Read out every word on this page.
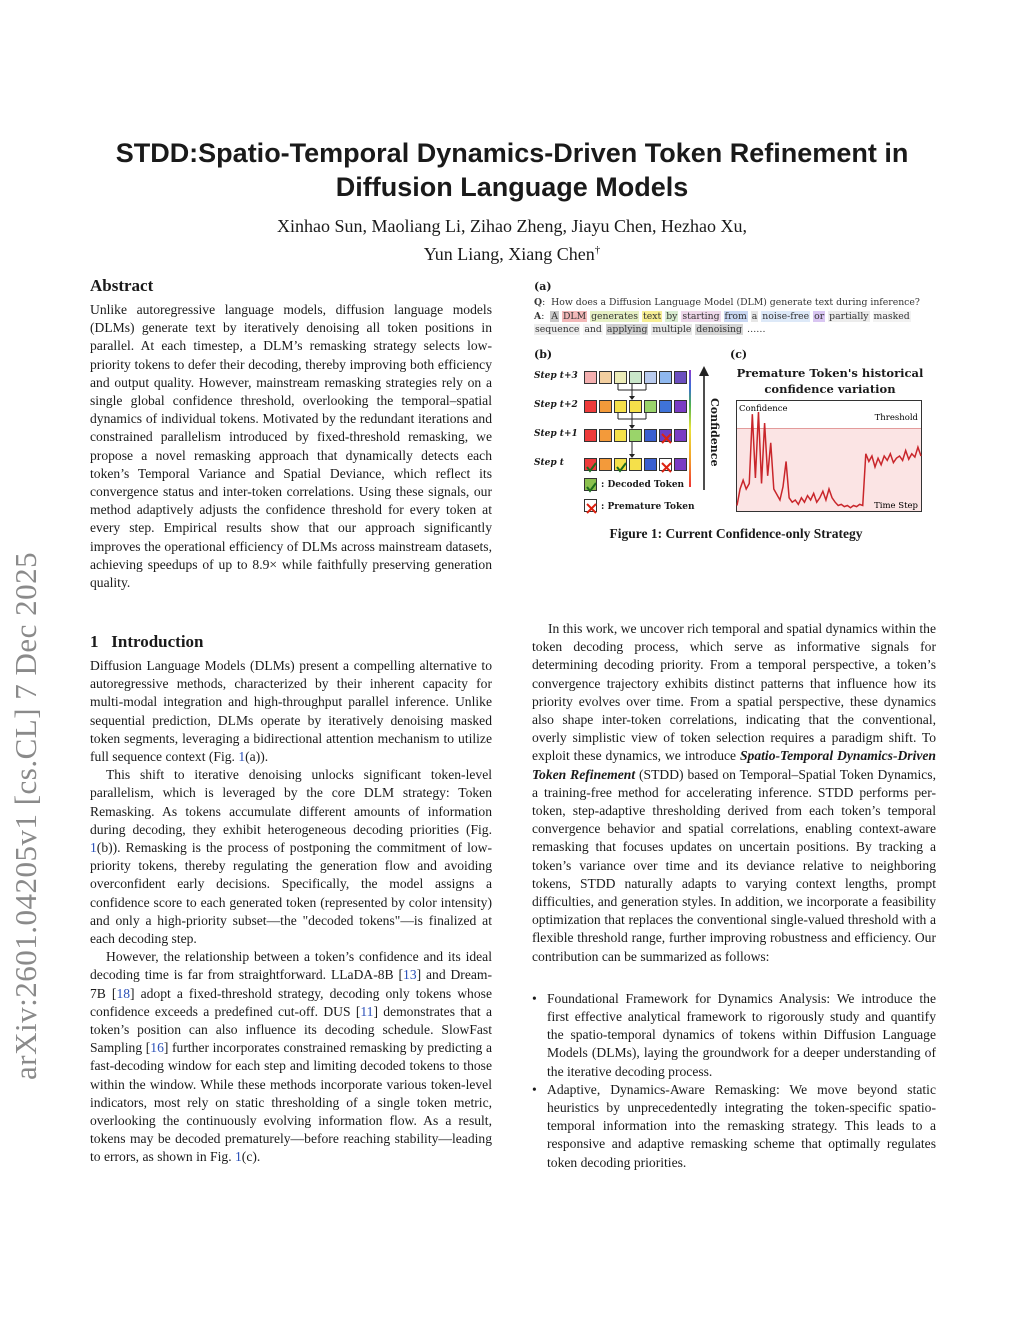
arXiv:2601.04205v1 [cs.CL] 7 Dec 2025
STDD:Spatio-Temporal Dynamics-Driven Token Refinement in
Diffusion Language Models
Xinhao Sun, Maoliang Li, Zihao Zheng, Jiayu Chen, Hezhao Xu,
Yun Liang, Xiang Chen†
Abstract

Unlike autoregressive language models, diffusion language models (DLMs) generate text by iteratively denoising all token positions in parallel. At each timestep, a DLM’s remasking strategy selects low-priority tokens to defer their decoding, thereby improving both efficiency and output quality. However, mainstream remasking strategies rely on a single global confidence threshold, overlooking the temporal–spatial dynamics of individual tokens. Motivated by the redundant iterations and constrained parallelism introduced by fixed-threshold remasking, we propose a novel remasking approach that dynamically detects each token’s Temporal Variance and Spatial Deviance, which reflect its convergence status and inter-token correlations. Using these signals, our method adaptively adjusts the confidence threshold for every token at every step. Empirical results show that our approach significantly improves the operational efficiency of DLMs across mainstream datasets, achieving speedups of up to 8.9× while faithfully preserving generation quality.

1 Introduction

Diffusion Language Models (DLMs) present a compelling alternative to autoregressive methods, characterized by their inherent capacity for multi-modal integration and high-throughput parallel inference. Unlike sequential prediction, DLMs operate by iteratively denoising masked token segments, leveraging a bidirectional attention mechanism to utilize full sequence context (Fig. 1(a)).

This shift to iterative denoising unlocks significant token-level parallelism, which is leveraged by the core DLM strategy: Token Remasking. As tokens accumulate different amounts of information during decoding, they exhibit heterogeneous decoding priorities (Fig. 1(b)). Remasking is the process of postponing the commitment of low-priority tokens, thereby regulating the generation flow and avoiding overconfident early decisions. Specifically, the model assigns a confidence score to each generated token (represented by color intensity) and only a high-priority subset—the "decoded tokens"—is finalized at each decoding step.

However, the relationship between a token’s confidence and its ideal decoding time is far from straightforward. LLaDA-8B [13] and Dream-7B [18] adopt a fixed-threshold strategy, decoding only tokens whose confidence exceeds a predefined cut-off. DUS [11] demonstrates that a token’s position can also influence its decoding schedule. SlowFast Sampling [16] further incorporates constrained remasking by predicting a fast-decoding window for each step and limiting decoded tokens to those within the window. While these methods incorporate various token-level indicators, most rely on static thresholding of a single token metric, overlooking the continuously evolving information flow. As a result, tokens may be decoded prematurely—before reaching stability—leading to errors, as shown in Fig. 1(c).

In this work, we uncover rich temporal and spatial dynamics within the token decoding process, which serve as informative signals for determining decoding priority. From a temporal perspective, a token’s convergence trajectory exhibits distinct patterns that influence how its priority evolves over time. From a spatial perspective, these dynamics also shape inter-token correlations, indicating that the conventional, overly simplistic view of token selection requires a paradigm shift. To exploit these dynamics, we introduce Spatio-Temporal Dynamics-Driven Token Refinement (STDD) based on Temporal–Spatial Token Dynamics, a training-free method for accelerating inference. STDD performs per-token, step-adaptive thresholding derived from each token’s temporal convergence behavior and spatial correlations, enabling context-aware remasking that focuses updates on uncertain positions. By tracking a token’s variance over time and its deviance relative to neighboring tokens, STDD naturally adapts to varying context lengths, prompt difficulties, and generation styles. In addition, we incorporate a feasibility optimization that replaces the conventional single-valued threshold with a flexible threshold range, further improving robustness and efficiency. Our contribution can be summarized as follows:

• Foundational Framework for Dynamics Analysis: We introduce the first effective analytical framework to rigorously study and quantify the spatio-temporal dynamics of tokens within Diffusion Language Models (DLMs), laying the groundwork for a deeper understanding of the iterative decoding process.
• Adaptive, Dynamics-Aware Remasking: We move beyond static heuristics by unprecedentedly integrating the token-specific spatio-temporal information into the remasking strategy. This leads to a responsive and adaptive remasking scheme that optimally regulates token decoding priorities.
(a)
Q:  How does a Diffusion Language Model (DLM) generate text during inference?
A:  A DLM generates text by starting from a noise-free or partially masked sequence and applying multiple denoising ……
(b)	(c)
Step t+3
Step t+2
Step t+1
Step t	Confidence
: Decoded Token
: Premature Token
Confidence
Threshold
Time Step
Premature Token's historical
confidence variation
Figure 1: Current Confidence-only Strategy
